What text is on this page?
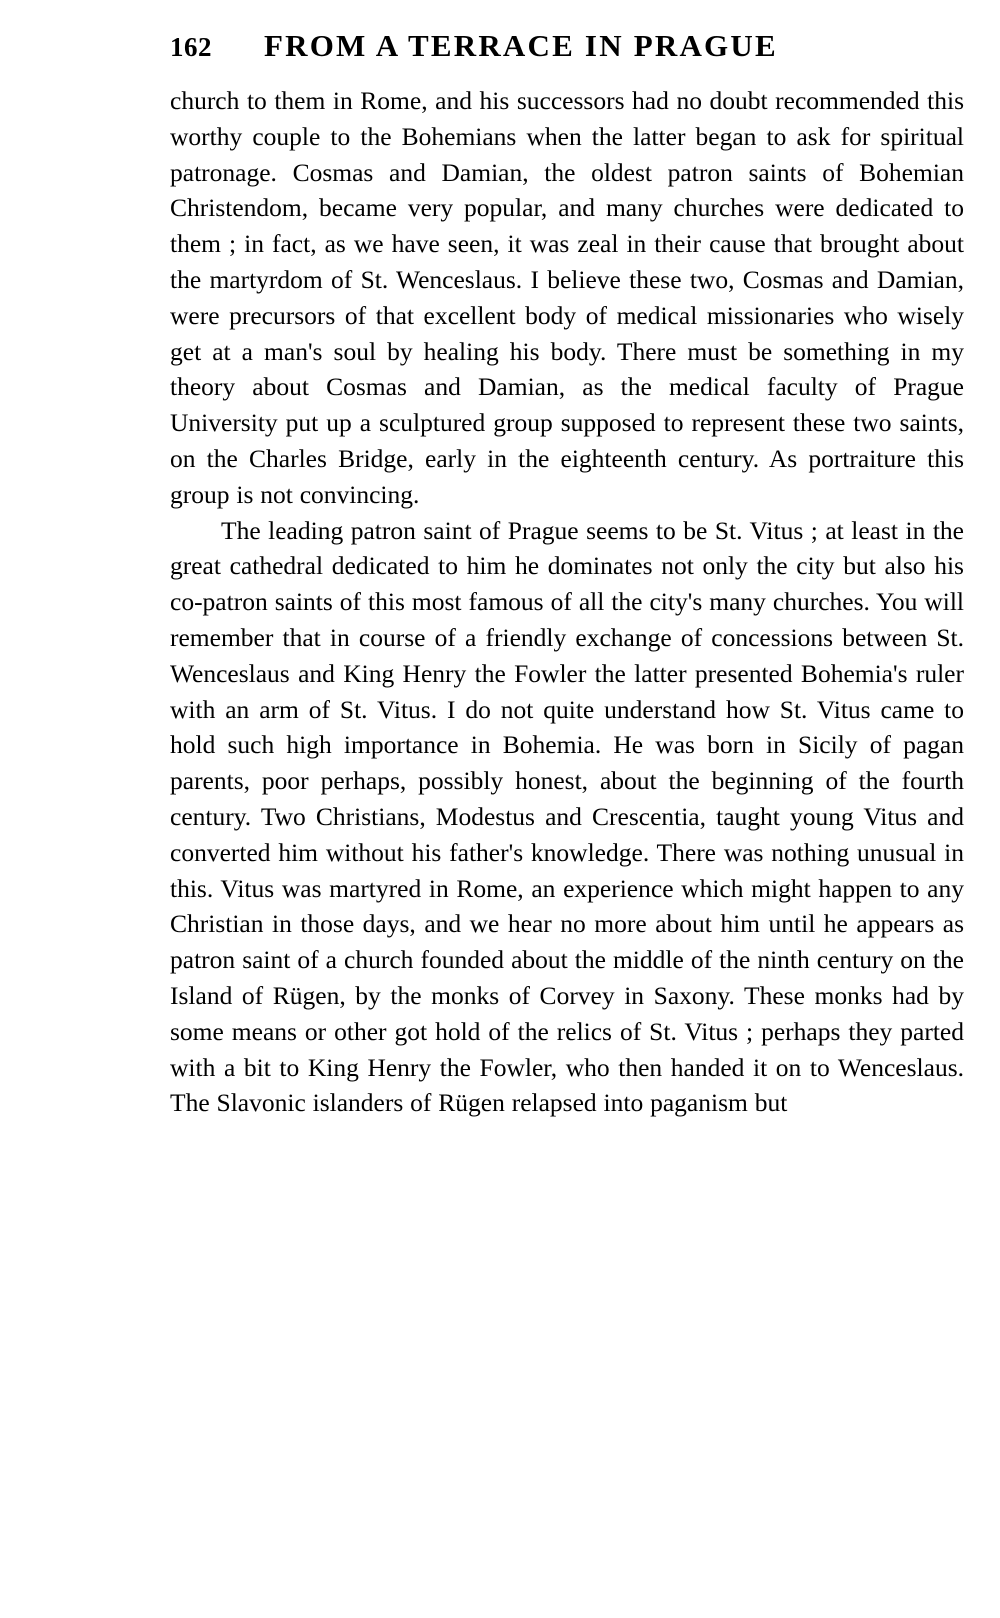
162 FROM A TERRACE IN PRAGUE

church to them in Rome, and his successors had no doubt recommended this worthy couple to the Bohemians when the latter began to ask for spiritual patronage. Cosmas and Damian, the oldest patron saints of Bohemian Christendom, became very popular, and many churches were dedicated to them ; in fact, as we have seen, it was zeal in their cause that brought about the martyrdom of St. Wenceslaus. I believe these two, Cosmas and Damian, were precursors of that excellent body of medical missionaries who wisely get at a man's soul by healing his body. There must be something in my theory about Cosmas and Damian, as the medical faculty of Prague University put up a sculptured group supposed to represent these two saints, on the Charles Bridge, early in the eighteenth century. As portraiture this group is not convincing.

The leading patron saint of Prague seems to be St. Vitus ; at least in the great cathedral dedicated to him he dominates not only the city but also his co-patron saints of this most famous of all the city's many churches. You will remember that in course of a friendly exchange of concessions between St. Wenceslaus and King Henry the Fowler the latter presented Bohemia's ruler with an arm of St. Vitus. I do not quite understand how St. Vitus came to hold such high importance in Bohemia. He was born in Sicily of pagan parents, poor perhaps, possibly honest, about the beginning of the fourth century. Two Christians, Modestus and Crescentia, taught young Vitus and converted him without his father's knowledge. There was nothing unusual in this. Vitus was martyred in Rome, an experience which might happen to any Christian in those days, and we hear no more about him until he appears as patron saint of a church founded about the middle of the ninth century on the Island of Rügen, by the monks of Corvey in Saxony. These monks had by some means or other got hold of the relics of St. Vitus ; perhaps they parted with a bit to King Henry the Fowler, who then handed it on to Wenceslaus. The Slavonic islanders of Rügen relapsed into paganism but
